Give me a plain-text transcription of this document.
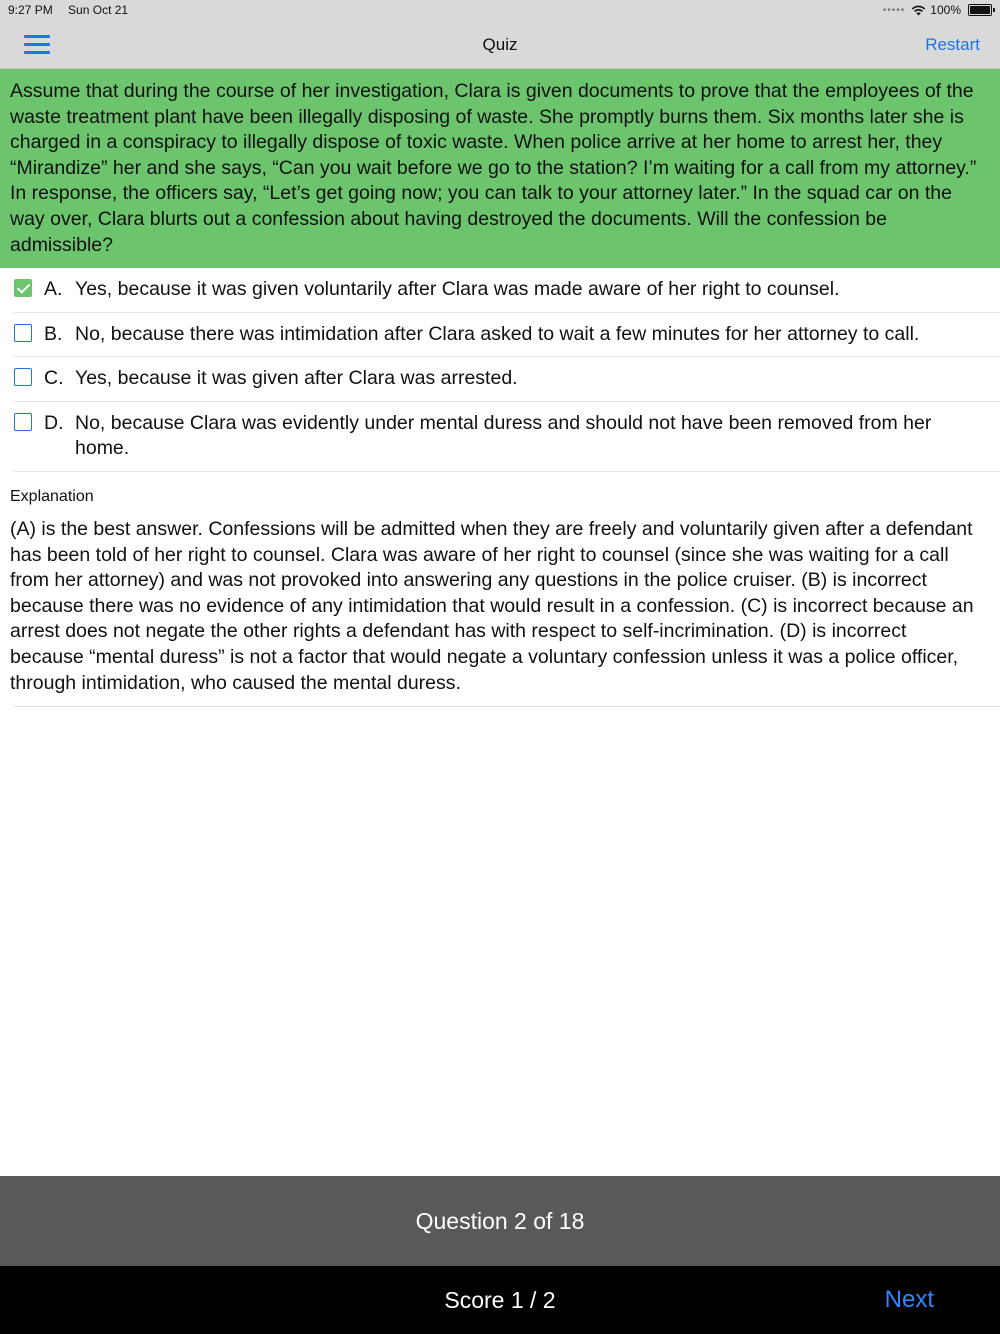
9:27 PM Sun Oct 21	••••• 100%
Quiz	Restart
Assume that during the course of her investigation, Clara is given documents to prove that the employees of the waste treatment plant have been illegally disposing of waste. She promptly burns them. Six months later she is charged in a conspiracy to illegally dispose of toxic waste. When police arrive at her home to arrest her, they “Mirandize” her and she says, “Can you wait before we go to the station? I’m waiting for a call from my attorney.” In response, the officers say, “Let’s get going now; you can talk to your attorney later.” In the squad car on the way over, Clara blurts out a confession about having destroyed the documents. Will the confession be admissible?
A. Yes, because it was given voluntarily after Clara was made aware of her right to counsel.
B. No, because there was intimidation after Clara asked to wait a few minutes for her attorney to call.
C. Yes, because it was given after Clara was arrested.
D. No, because Clara was evidently under mental duress and should not have been removed from her home.
Explanation
(A) is the best answer. Confessions will be admitted when they are freely and voluntarily given after a defendant has been told of her right to counsel. Clara was aware of her right to counsel (since she was waiting for a call from her attorney) and was not provoked into answering any questions in the police cruiser. (B) is incorrect because there was no evidence of any intimidation that would result in a confession. (C) is incorrect because an arrest does not negate the other rights a defendant has with respect to self-incrimination. (D) is incorrect because “mental duress” is not a factor that would negate a voluntary confession unless it was a police officer, through intimidation, who caused the mental duress.
Question 2 of 18
Score 1 / 2	Next
